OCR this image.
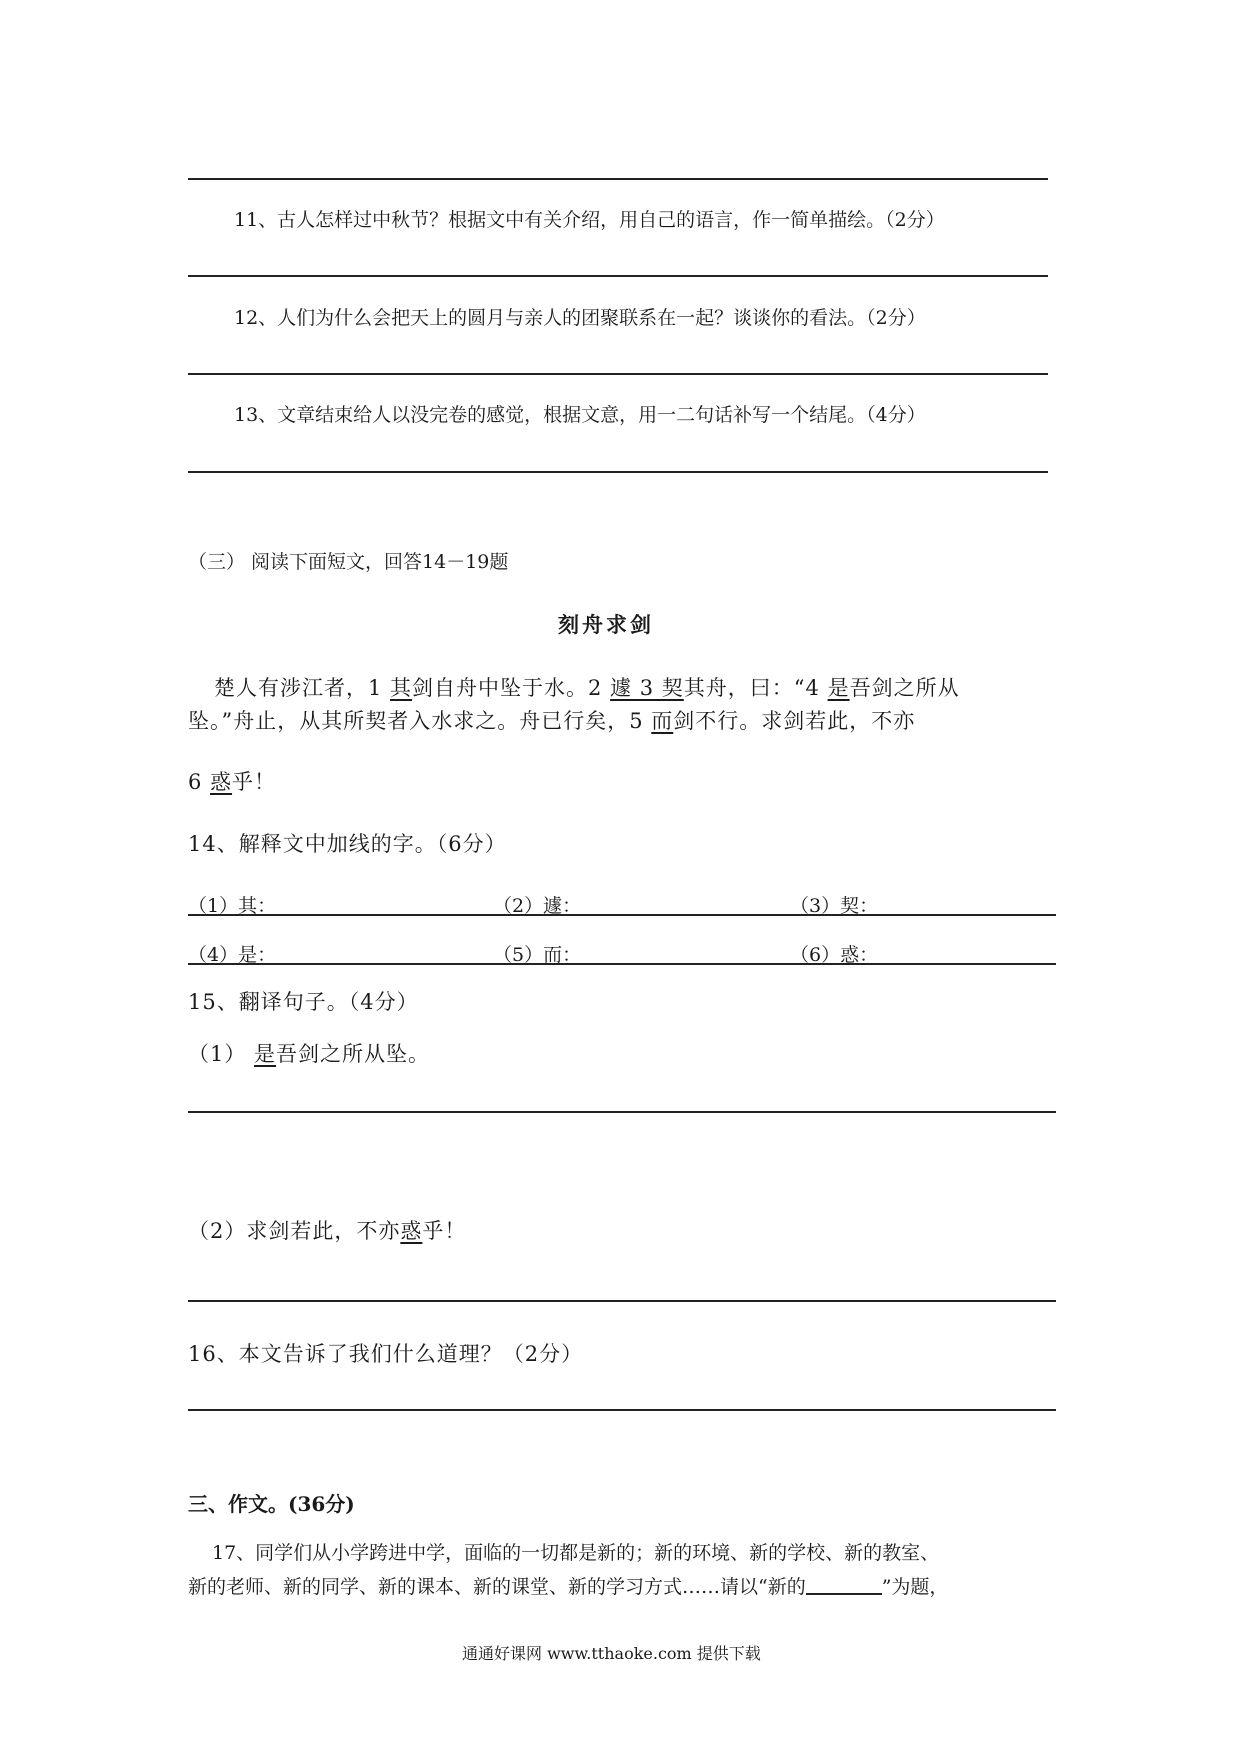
11、古人怎样过中秋节？根据文中有关介绍，用自己的语言，作一简单描绘。（2分）
12、人们为什么会把天上的圆月与亲人的团聚联系在一起？谈谈你的看法。（2分）
13、文章结束给人以没完卷的感觉，根据文意，用一二句话补写一个结尾。（4分）
（三） 阅读下面短文，回答14－19题
刻舟求剑
楚人有涉江者，1 其剑自舟中坠于水。2 遽 3 契其舟，曰：“4 是吾剑之所从
坠。”舟止，从其所契者入水求之。舟已行矣，5 而剑不行。求剑若此，不亦
6 惑乎！
14、解释文中加线的字。（6分）
（1）其：	（2）遽：	（3）契：
（4）是：	（5）而：	（6）惑：
15、翻译句子。（4分）
（1） 是吾剑之所从坠。
（2）求剑若此，不亦惑乎！
16、本文告诉了我们什么道理？（2分）
三、作文。(36分)
17、同学们从小学跨进中学，面临的一切都是新的；新的环境、新的学校、新的教室、
新的老师、新的同学、新的课本、新的课堂、新的学习方式……请以“新的	”为题，
通通好课网 www.tthaoke.com 提供下载
